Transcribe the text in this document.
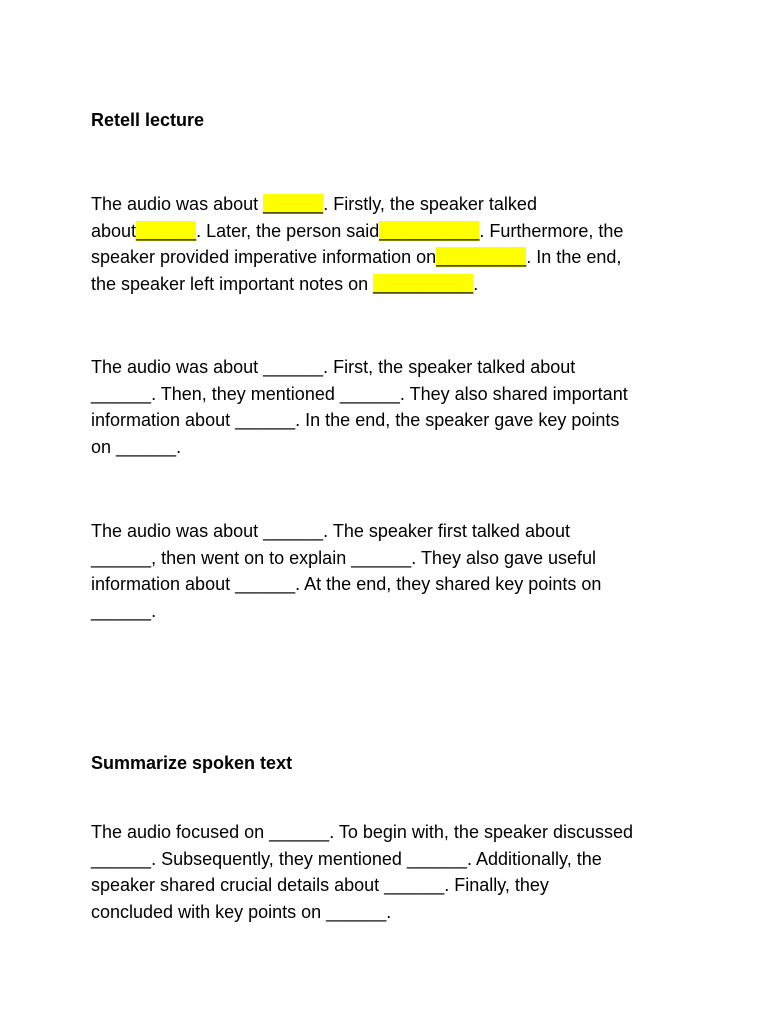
Retell lecture

The audio was about ______. Firstly, the speaker talked
about______. Later, the person said__________. Furthermore, the
speaker provided imperative information on_________. In the end,
the speaker left important notes on __________.

The audio was about ______. First, the speaker talked about
______. Then, they mentioned ______. They also shared important
information about ______. In the end, the speaker gave key points
on ______.

The audio was about ______. The speaker first talked about
______, then went on to explain ______. They also gave useful
information about ______. At the end, they shared key points on
______.

Summarize spoken text

The audio focused on ______. To begin with, the speaker discussed
______. Subsequently, they mentioned ______. Additionally, the
speaker shared crucial details about ______. Finally, they
concluded with key points on ______.
